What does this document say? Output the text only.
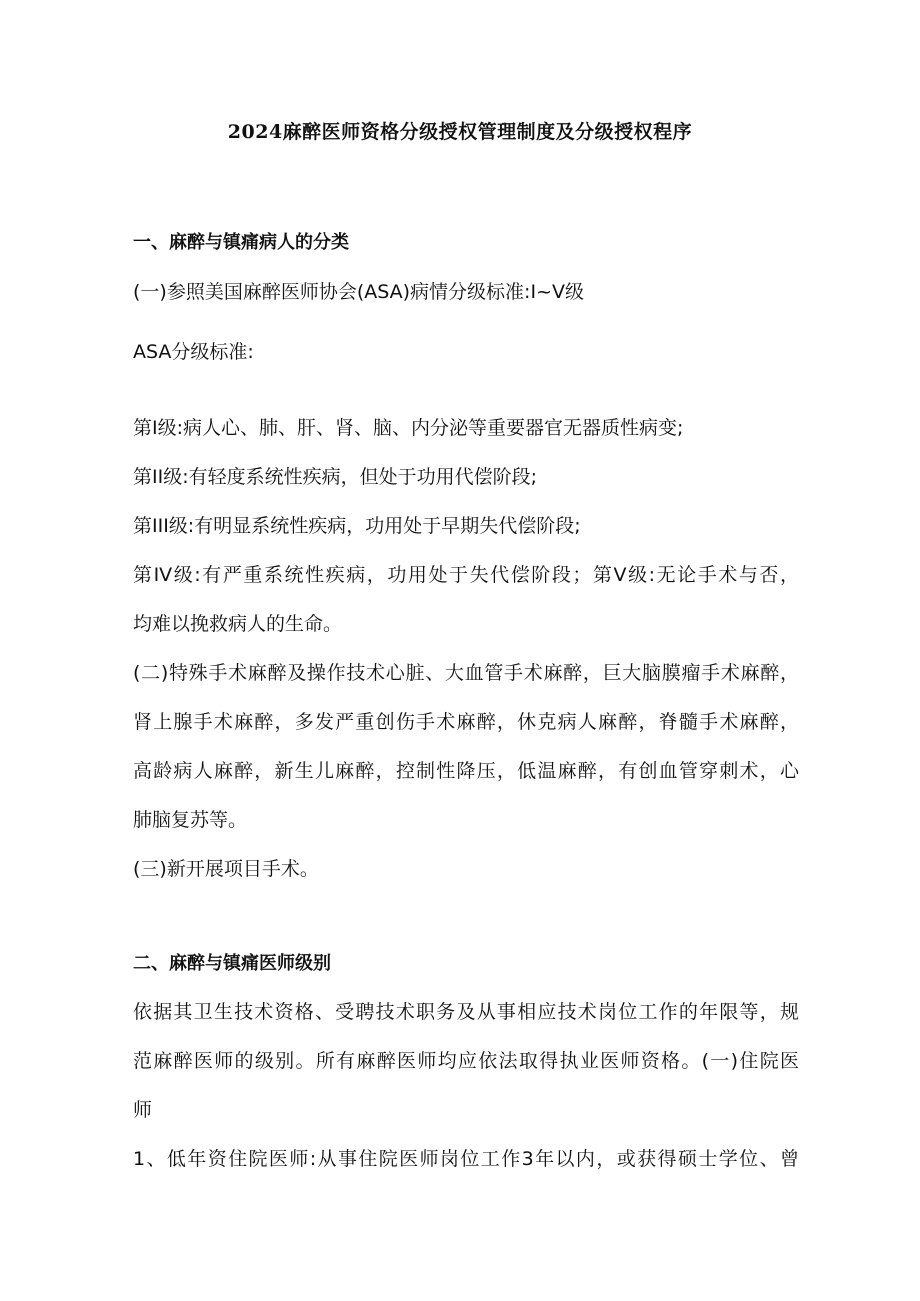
2024麻醉医师资格分级授权管理制度及分级授权程序
一、麻醉与镇痛病人的分类
(一)参照美国麻醉医师协会(ASA)病情分级标准:I~V级
ASA分级标准:
第I级:病人心、肺、肝、肾、脑、内分泌等重要器官无器质性病变;
第II级:有轻度系统性疾病，但处于功用代偿阶段;
第III级:有明显系统性疾病，功用处于早期失代偿阶段;
第IV级:有严重系统性疾病，功用处于失代偿阶段；第V级:无论手术与否，
均难以挽救病人的生命。
(二)特殊手术麻醉及操作技术心脏、大血管手术麻醉，巨大脑膜瘤手术麻醉，
肾上腺手术麻醉，多发严重创伤手术麻醉，休克病人麻醉，脊髓手术麻醉，
高龄病人麻醉，新生儿麻醉，控制性降压，低温麻醉，有创血管穿刺术，心
肺脑复苏等。
(三)新开展项目手术。
二、麻醉与镇痛医师级别
依据其卫生技术资格、受聘技术职务及从事相应技术岗位工作的年限等，规
范麻醉医师的级别。所有麻醉医师均应依法取得执业医师资格。(一)住院医
师
1、低年资住院医师:从事住院医师岗位工作3年以内，或获得硕士学位、曾
